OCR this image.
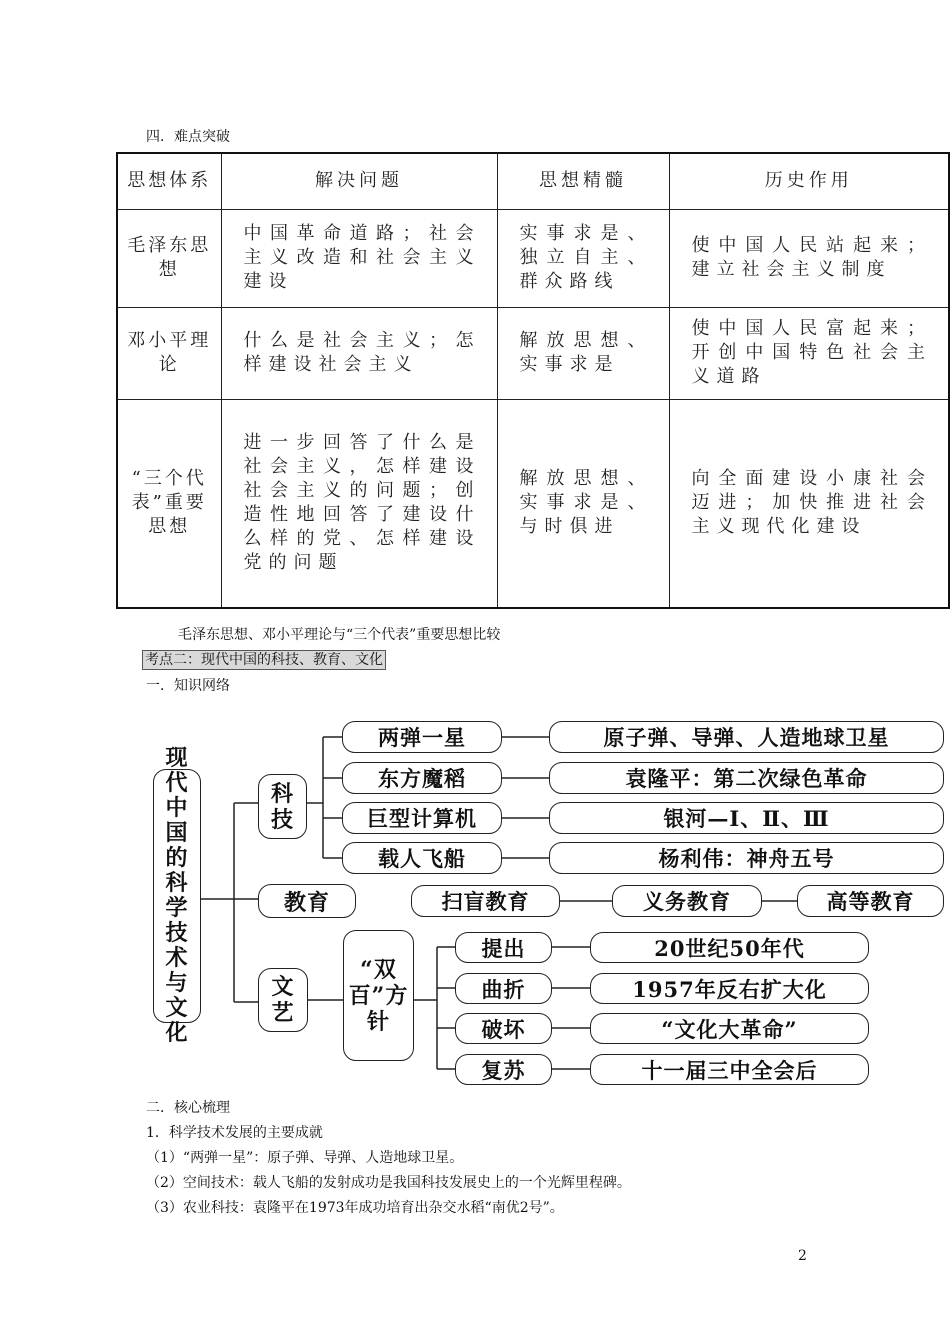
四．难点突破
思想体系	解决问题	思想精髓	历史作用
毛泽东思想	中国革命道路；社会主义改造和社会主义建设	实事求是、独立自主、群众路线	使中国人民站起来；建立社会主义制度
邓小平理论	什么是社会主义；怎样建设社会主义	解放思想、实事求是	使中国人民富起来；开创中国特色社会主义道路
“三个代表”重要思想	进一步回答了什么是社会主义，怎样建设社会主义的问题；创造性地回答了建设什么样的党、怎样建设党的问题	解放思想、实事求是、与时俱进	向全面建设小康社会迈进；加快推进社会主义现代化建设
毛泽东思想、邓小平理论与“三个代表”重要思想比较
考点二：现代中国的科技、教育、文化
一．知识网络
现代中国的科学技术与文化
科技
教育
文艺
两弹一星
东方魔稻
巨型计算机
载人飞船
原子弹、导弹、人造地球卫星
袁隆平：第二次绿色革命
银河—Ⅰ、Ⅱ、Ⅲ
杨利伟：神舟五号
扫盲教育	义务教育	高等教育
“双百”方针
提出
曲折
破坏
复苏
20世纪50年代
1957年反右扩大化
“文化大革命”
十一届三中全会后
二．核心梳理
1．科学技术发展的主要成就
（1）“两弹一星”：原子弹、导弹、人造地球卫星。
（2）空间技术：载人飞船的发射成功是我国科技发展史上的一个光辉里程碑。
（3）农业科技：袁隆平在1973年成功培育出杂交水稻“南优2号”。
2
